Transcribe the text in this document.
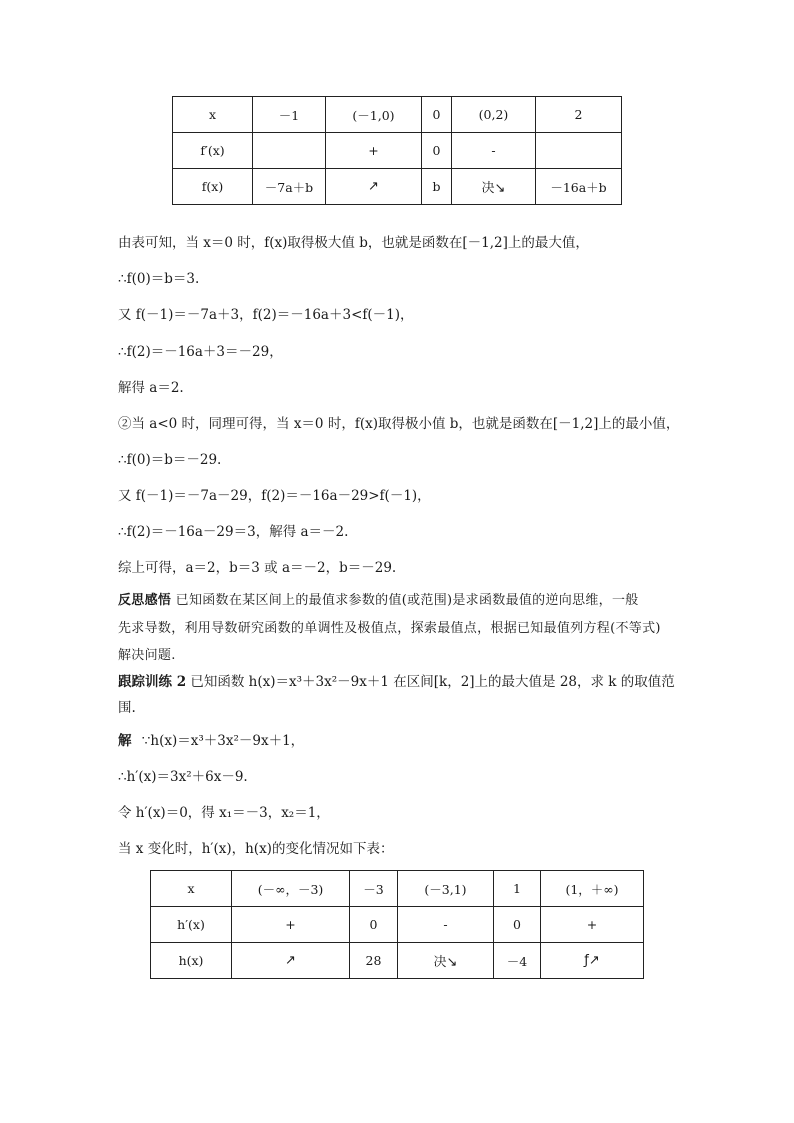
x	－1	(－1,0)	0	(0,2)	2
f′(x)		+	0	-	
f(x)	－7a＋b	↗	b	决↘	－16a＋b
由表可知，当 x＝0 时，f(x)取得极大值 b，也就是函数在[－1,2]上的最大值，
∴f(0)＝b＝3.
又 f(－1)＝－7a＋3，f(2)＝－16a＋3<f(－1)，
∴f(2)＝－16a＋3＝－29，
解得 a＝2.
②当 a<0 时，同理可得，当 x＝0 时，f(x)取得极小值 b，也就是函数在[－1,2]上的最小值，
∴f(0)＝b＝－29.
又 f(－1)＝－7a－29，f(2)＝－16a－29>f(－1)，
∴f(2)＝－16a－29＝3，解得 a＝－2.
综上可得，a＝2，b＝3 或 a＝－2，b＝－29.
反思感悟 已知函数在某区间上的最值求参数的值(或范围)是求函数最值的逆向思维，一般
先求导数，利用导数研究函数的单调性及极值点，探索最值点，根据已知最值列方程(不等式)
解决问题.
跟踪训练 2 已知函数 h(x)＝x³＋3x²－9x＋1 在区间[k，2]上的最大值是 28，求 k 的取值范
围.
解 ∵h(x)＝x³＋3x²－9x＋1，
∴h′(x)＝3x²＋6x－9.
令 h′(x)＝0，得 x₁＝－3，x₂＝1，
当 x 变化时，h′(x)，h(x)的变化情况如下表：
x	(－∞，－3)	－3	(－3,1)	1	(1，＋∞)
h′(x)	+	0	-	0	+
h(x)	↗	28	决↘	－4	ƒ↗
